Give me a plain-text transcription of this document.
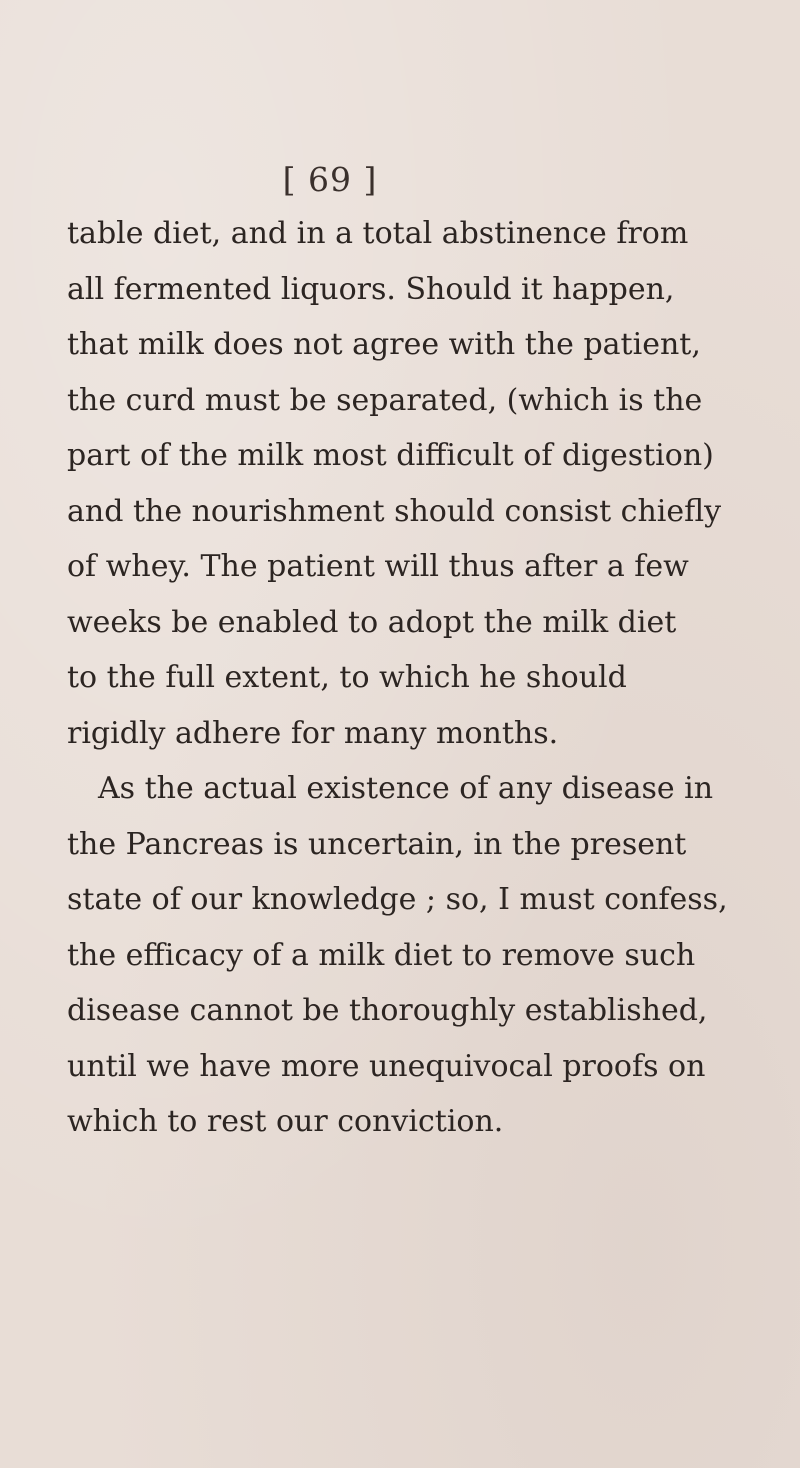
[ 69 ]
table diet, and in a total abstinence from
all fermented liquors. Should it happen,
that milk does not agree with the patient,
the curd must be separated, (which is the
part of the milk most difficult of digestion)
and the nourishment should consist chiefly
of whey. The patient will thus after a few
weeks be enabled to adopt the milk diet
to the full extent, to which he should
rigidly adhere for many months.
As the actual existence of any disease in
the Pancreas is uncertain, in the present
state of our knowledge ; so, I must confess,
the efficacy of a milk diet to remove such
disease cannot be thoroughly established,
until we have more unequivocal proofs on
which to rest our conviction.
